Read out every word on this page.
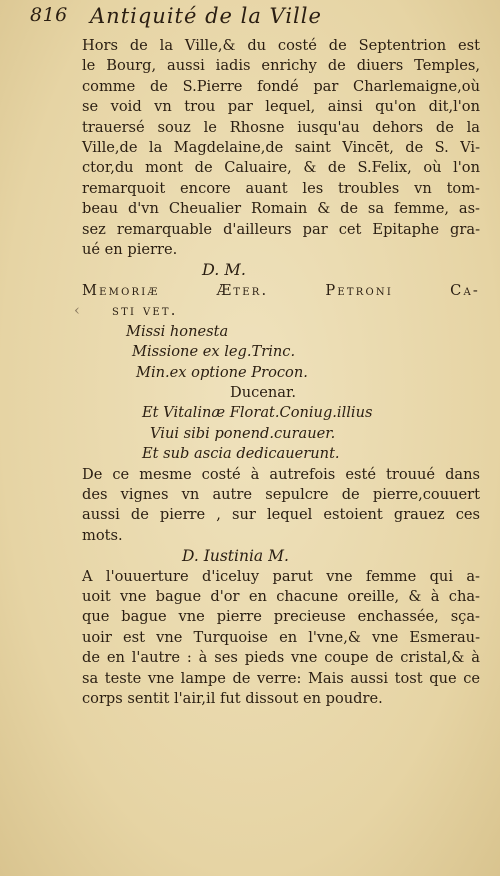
816 Antiquité de la Ville
Hors de la Ville,& du costé de Septentrion est
le Bourg, aussi iadis enrichy de diuers Temples,
comme de S.Pierre fondé par Charlemaigne,où
se void vn trou par lequel, ainsi qu'on dit,l'on
trauersé souz le Rhosne iusqu'au dehors de la
Ville,de la Magdelaine,de saint Vincēt, de S. Vi-
ctor,du mont de Caluaire, & de S.Felix, où l'on
remarquoit encore auant les troubles vn tom-
beau d'vn Cheualier Romain & de sa femme, as-
sez remarquable d'ailleurs par cet Epitaphe gra-
ué en pierre.
D. M.
Memoriæ Æter. Petroni Ca-
‹ sti vet.
Missi honesta
Missione ex leg.Trinc.
Min.ex optione Procon.
Ducenar.
Et Vitalinæ Florat.Coniug.illius
Viui sibi ponend.curauer.
Et sub ascia dedicauerunt.
De ce mesme costé à autrefois esté trouué dans
des vignes vn autre sepulcre de pierre,couuert
aussi de pierre , sur lequel estoient grauez ces
mots.
D. Iustinia M.
A l'ouuerture d'iceluy parut vne femme qui a-
uoit vne bague d'or en chacune oreille, & à cha-
que bague vne pierre precieuse enchassée, sça-
uoir est vne Turquoise en l'vne,& vne Esmerau-
de en l'autre : à ses pieds vne coupe de cristal,& à
sa teste vne lampe de verre: Mais aussi tost que ce
corps sentit l'air,il fut dissout en poudre.
